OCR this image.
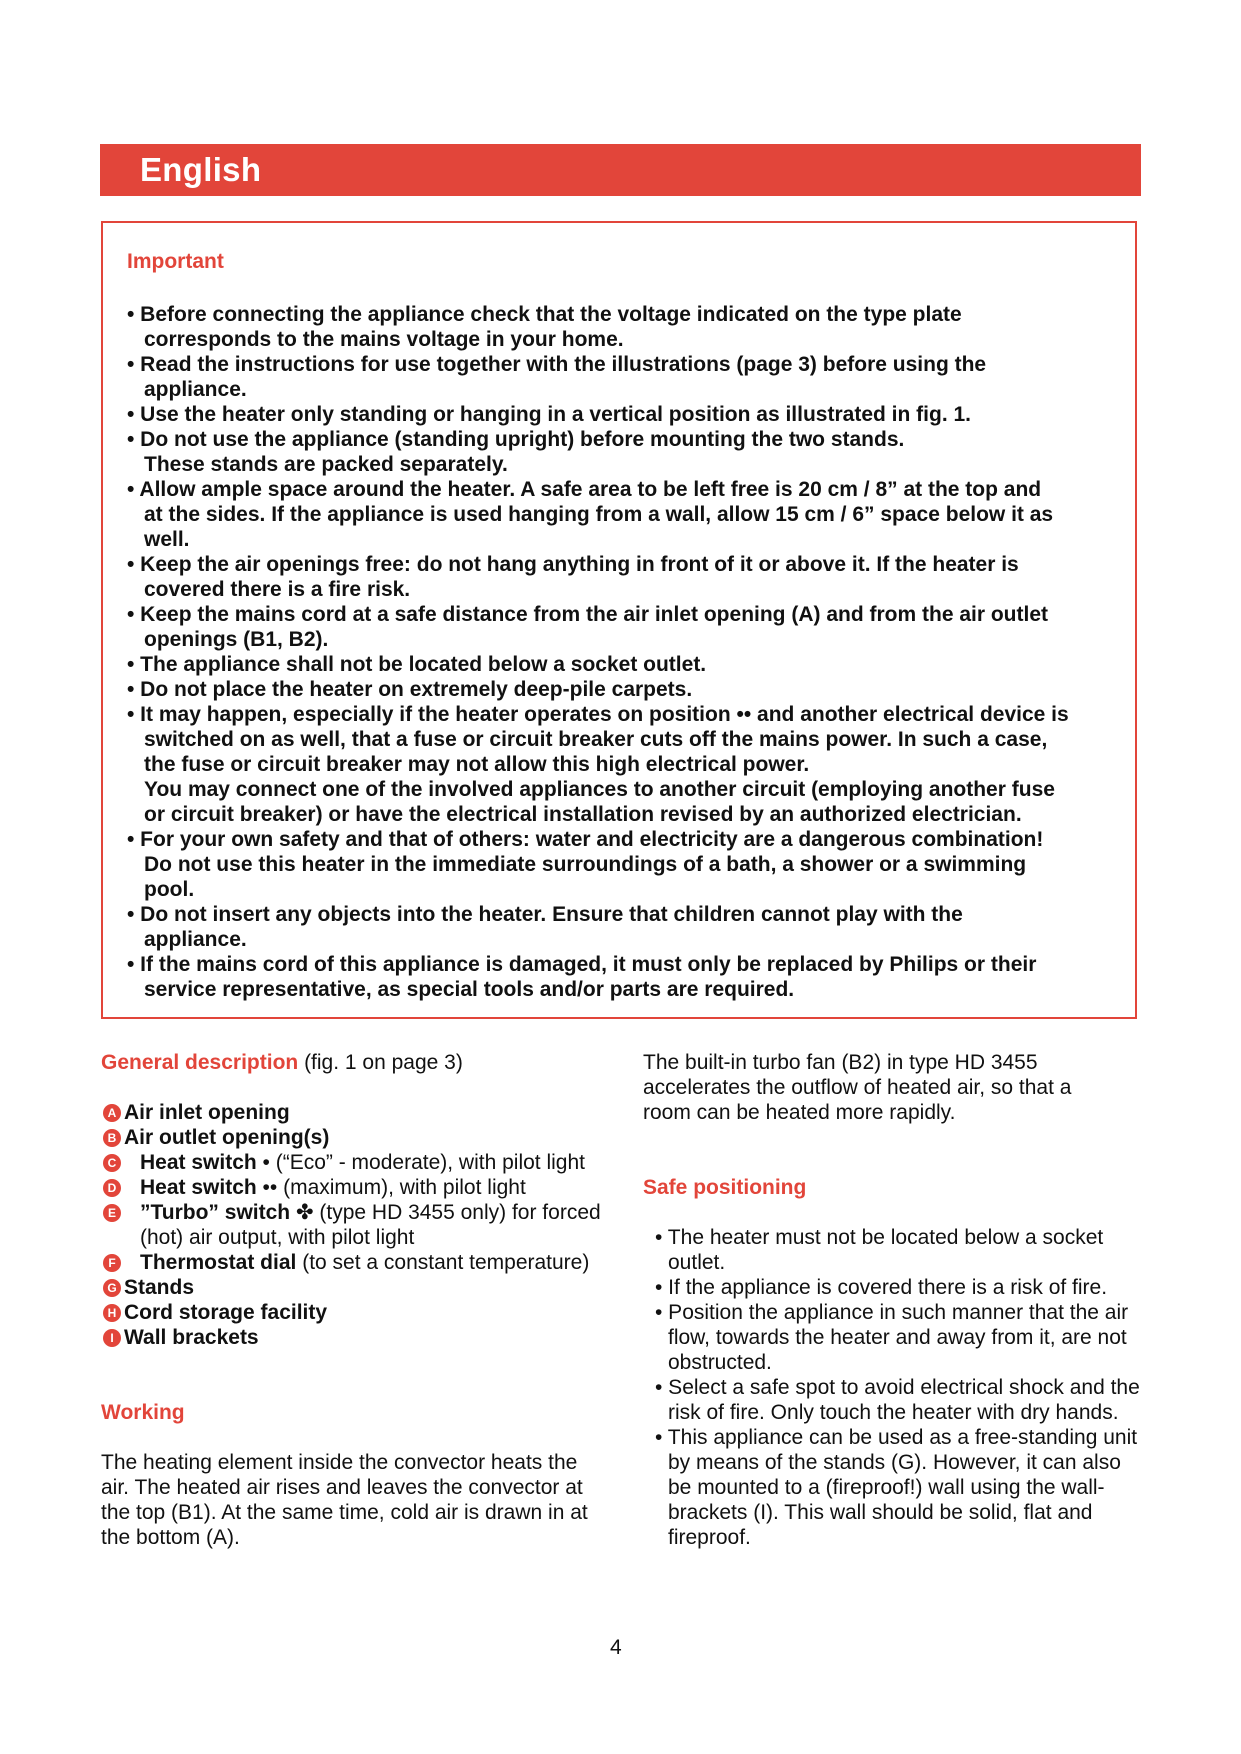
English
Important
• Before connecting the appliance check that the voltage indicated on the type plate
corresponds to the mains voltage in your home.
• Read the instructions for use together with the illustrations (page 3) before using the
appliance.
• Use the heater only standing or hanging in a vertical position as illustrated in fig. 1.
• Do not use the appliance (standing upright) before mounting the two stands.
These stands are packed separately.
• Allow ample space around the heater. A safe area to be left free is 20 cm / 8” at the top and
at the sides. If the appliance is used hanging from a wall, allow 15 cm / 6” space below it as
well.
• Keep the air openings free: do not hang anything in front of it or above it. If the heater is
covered there is a fire risk.
• Keep the mains cord at a safe distance from the air inlet opening (A) and from the air outlet
openings (B1, B2).
• The appliance shall not be located below a socket outlet.
• Do not place the heater on extremely deep-pile carpets.
• It may happen, especially if the heater operates on position •• and another electrical device is
switched on as well, that a fuse or circuit breaker cuts off the mains power. In such a case,
the fuse or circuit breaker may not allow this high electrical power.
You may connect one of the involved appliances to another circuit (employing another fuse
or circuit breaker) or have the electrical installation revised by an authorized electrician.
• For your own safety and that of others: water and electricity are a dangerous combination!
Do not use this heater in the immediate surroundings of a bath, a shower or a swimming
pool.
• Do not insert any objects into the heater. Ensure that children cannot play with the
appliance.
• If the mains cord of this appliance is damaged, it must only be replaced by Philips or their
service representative, as special tools and/or parts are required.
General description (fig. 1 on page 3)
A Air inlet opening
B Air outlet opening(s)
C Heat switch • (“Eco” - moderate), with pilot light
D Heat switch •• (maximum), with pilot light
E ”Turbo” switch ✤ (type HD 3455 only) for forced (hot) air output, with pilot light
F Thermostat dial (to set a constant temperature)
G Stands
H Cord storage facility
I Wall brackets
Working

The heating element inside the convector heats the air. The heated air rises and leaves the convector at the top (B1). At the same time, cold air is drawn in at the bottom (A).

The built-in turbo fan (B2) in type HD 3455 accelerates the outflow of heated air, so that a room can be heated more rapidly.

Safe positioning
• The heater must not be located below a socket outlet.
• If the appliance is covered there is a risk of fire.
• Position the appliance in such manner that the air flow, towards the heater and away from it, are not obstructed.
• Select a safe spot to avoid electrical shock and the risk of fire. Only touch the heater with dry hands.
• This appliance can be used as a free-standing unit by means of the stands (G). However, it can also be mounted to a (fireproof!) wall using the wall-brackets (I). This wall should be solid, flat and fireproof.
4
